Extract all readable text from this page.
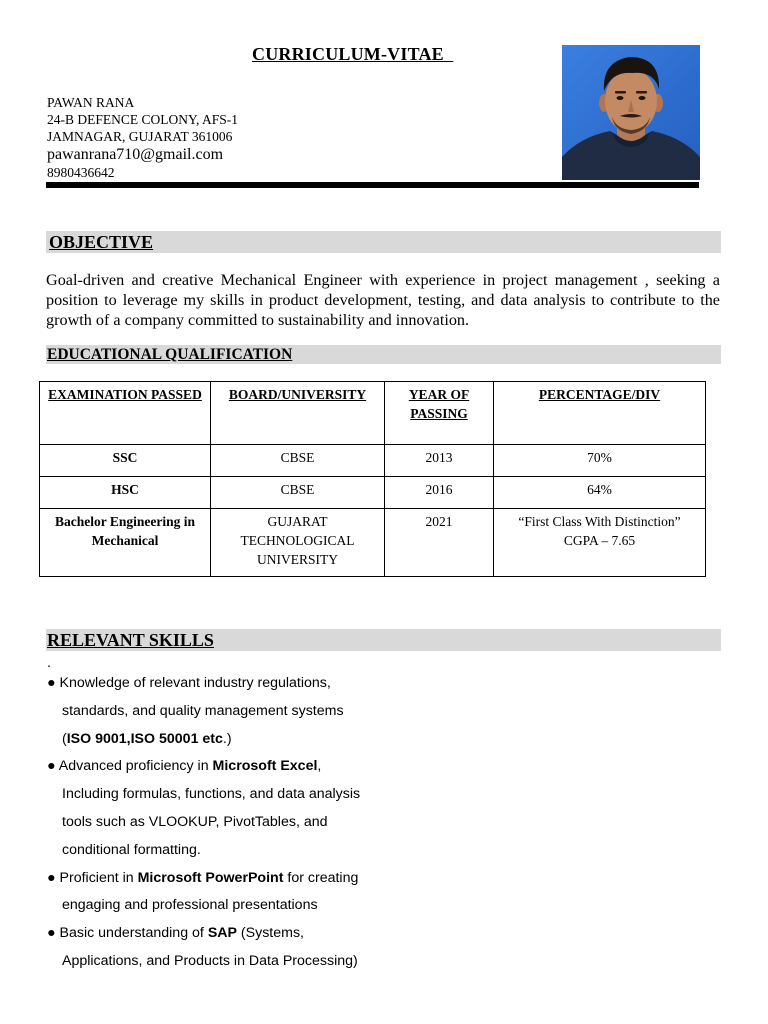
CURRICULUM-VITAE
PAWAN RANA
24-B DEFENCE COLONY, AFS-1
JAMNAGAR, GUJARAT 361006
pawanrana710@gmail.com
8980436642
OBJECTIVE
Goal-driven and creative Mechanical Engineer with experience in project management , seeking a position to leverage my skills in product development, testing, and data analysis to contribute to the growth of a company committed to sustainability and innovation.
EDUCATIONAL QUALIFICATION
EXAMINATION PASSED	BOARD/UNIVERSITY	YEAR OF PASSING	PERCENTAGE/DIV
SSC	CBSE	2013	70%
HSC	CBSE	2016	64%
Bachelor Engineering in Mechanical	GUJARAT TECHNOLOGICAL UNIVERSITY	2021	“First Class With Distinction” CGPA – 7.65
RELEVANT SKILLS
.
● Knowledge of relevant industry regulations,
standards, and quality management systems
(ISO 9001,ISO 50001 etc.)
● Advanced proficiency in Microsoft Excel,
Including formulas, functions, and data analysis
tools such as VLOOKUP, PivotTables, and
conditional formatting.
● Proficient in Microsoft PowerPoint for creating
engaging and professional presentations
● Basic understanding of SAP (Systems,
Applications, and Products in Data Processing)
